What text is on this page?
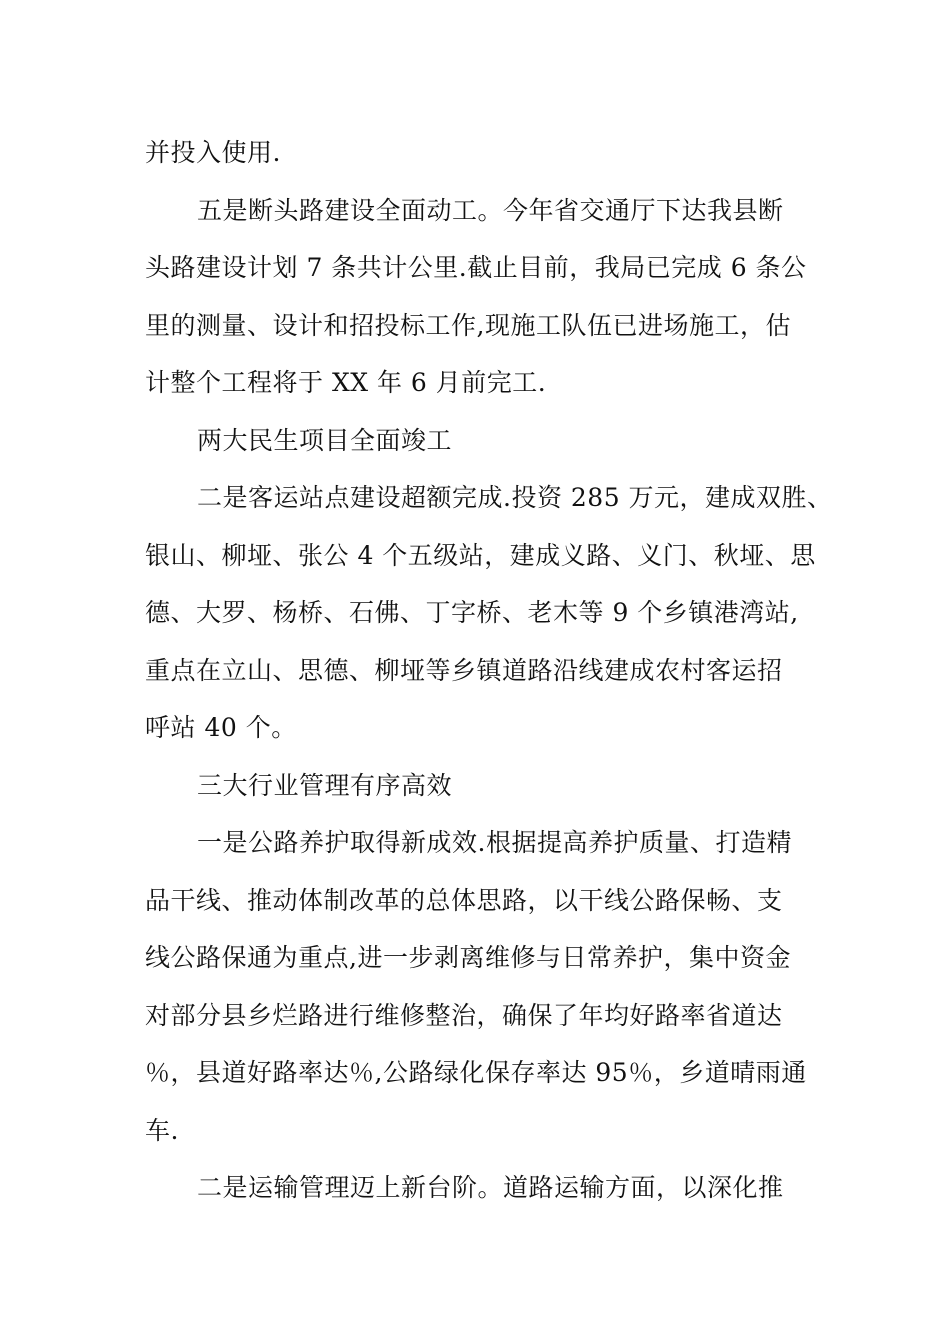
并投入使用.

五是断头路建设全面动工。今年省交通厅下达我县断
头路建设计划 7 条共计公里.截止目前，我局已完成 6 条公
里的测量、设计和招投标工作,现施工队伍已进场施工，估
计整个工程将于 XX 年 6 月前完工.

两大民生项目全面竣工

二是客运站点建设超额完成.投资 285 万元，建成双胜、
银山、柳垭、张公 4 个五级站，建成义路、义门、秋垭、思
德、大罗、杨桥、石佛、丁字桥、老木等 9 个乡镇港湾站,
重点在立山、思德、柳垭等乡镇道路沿线建成农村客运招
呼站 40 个。

三大行业管理有序高效

一是公路养护取得新成效.根据提高养护质量、打造精
品干线、推动体制改革的总体思路，以干线公路保畅、支
线公路保通为重点,进一步剥离维修与日常养护，集中资金
对部分县乡烂路进行维修整治，确保了年均好路率省道达
％，县道好路率达％,公路绿化保存率达 95％，乡道晴雨通
车.

二是运输管理迈上新台阶。道路运输方面，以深化推
